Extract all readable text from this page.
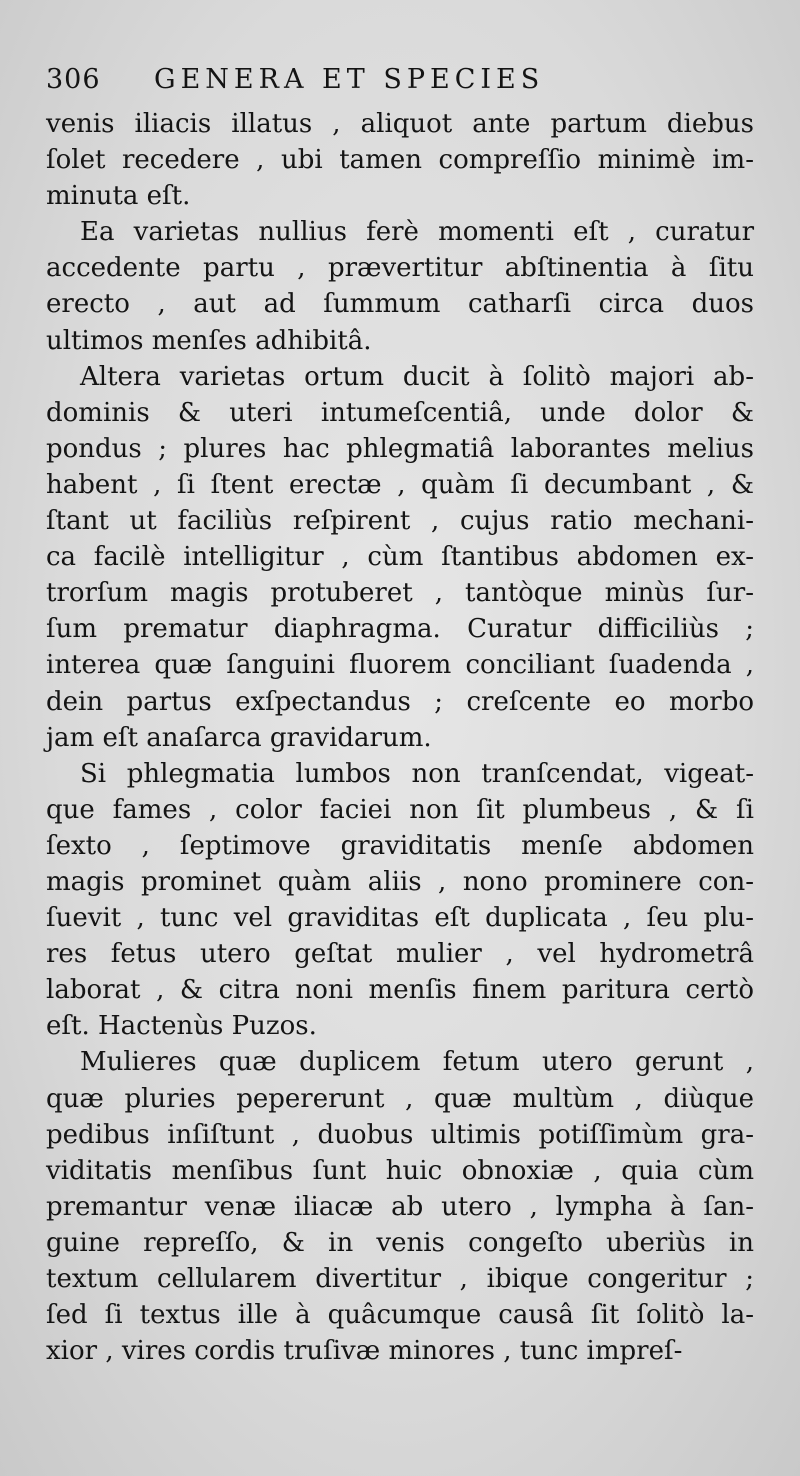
306 GENERA ET SPECIES
venis iliacis illatus , aliquot ante partum diebus
ſolet recedere , ubi tamen compreſſio minimè im-
minuta eſt.
Ea varietas nullius ferè momenti eſt , curatur
accedente partu , prævertitur abſtinentia à ſitu
erecto , aut ad ſummum catharſi circa duos
ultimos menſes adhibitâ.
Altera varietas ortum ducit à ſolitò majori ab-
dominis & uteri intumeſcentiâ, unde dolor &
pondus ; plures hac phlegmatiâ laborantes melius
habent , ſi ſtent erectæ , quàm ſi decumbant , &
ſtant ut faciliùs reſpirent , cujus ratio mechani-
ca facilè intelligitur , cùm ſtantibus abdomen ex-
trorſum magis protuberet , tantòque minùs ſur-
ſum prematur diaphragma. Curatur difficiliùs ;
interea quæ ſanguini fluorem conciliant ſuadenda ,
dein partus exſpectandus ; creſcente eo morbo
jam eſt anaſarca gravidarum.
Si phlegmatia lumbos non tranſcendat, vigeat-
que fames , color faciei non ſit plumbeus , & ſi
ſexto , ſeptimove graviditatis menſe abdomen
magis prominet quàm aliis , nono prominere con-
ſuevit , tunc vel graviditas eſt duplicata , ſeu plu-
res fetus utero geſtat mulier , vel hydrometrâ
laborat , & citra noni menſis finem paritura certò
eſt. Hactenùs Puzos.
Mulieres quæ duplicem fetum utero gerunt ,
quæ pluries pepererunt , quæ multùm , diùque
pedibus inſiſtunt , duobus ultimis potiſſimùm gra-
viditatis menſibus ſunt huic obnoxiæ , quia cùm
premantur venæ iliacæ ab utero , lympha à ſan-
guine repreſſo, & in venis congeſto uberiùs in
textum cellularem divertitur , ibique congeritur ;
ſed ſi textus ille à quâcumque causâ ſit ſolitò la-
xior , vires cordis truſivæ minores , tunc impreſ-
